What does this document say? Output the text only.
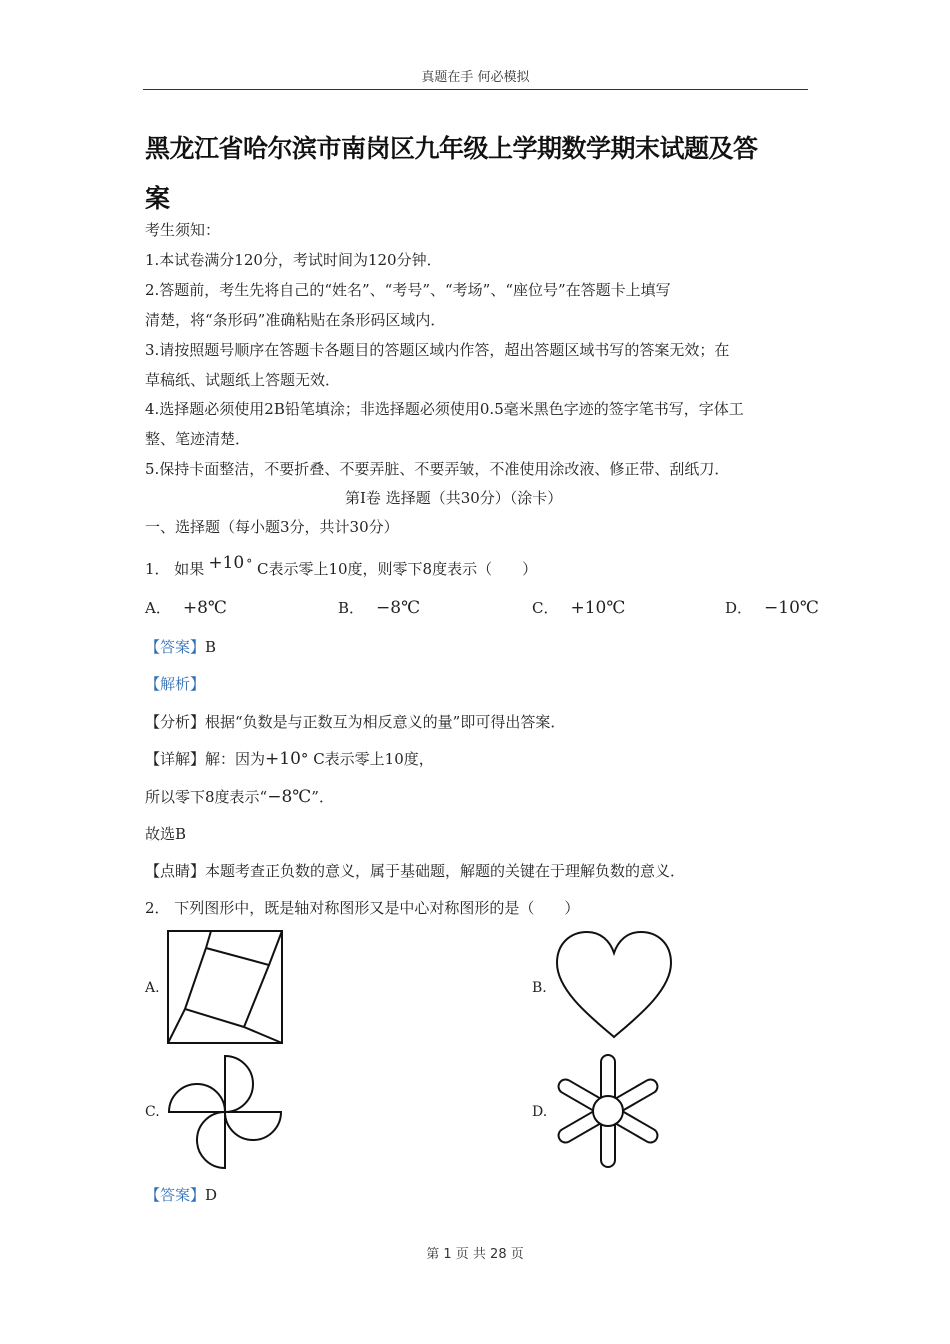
真题在手 何必模拟
黑龙江省哈尔滨市南岗区九年级上学期数学期末试题及答
案
考生须知：
1.本试卷满分120分，考试时间为120分钟．
2.答题前，考生先将自己的“姓名”、“考号”、“考场”、“座位号”在答题卡上填写
清楚，将“条形码”准确粘贴在条形码区域内．
3.请按照题号顺序在答题卡各题目的答题区域内作答，超出答题区域书写的答案无效；在
草稿纸、试题纸上答题无效．
4.选择题必须使用2B铅笔填涂；非选择题必须使用0.5毫米黑色字迹的签字笔书写，字体工
整、笔迹清楚．
5.保持卡面整洁，不要折叠、不要弄脏、不要弄皱，不准使用涂改液、修正带、刮纸刀．
第Ⅰ卷 选择题（共30分）（涂卡）
一、选择题（每小题3分，共计30分）
1． 如果 +10 ° C表示零上10度，则零下8度表示（　　）
A． +8℃	B． −8℃	C． +10℃	D． −10℃
【答案】B
【解析】
【分析】根据“负数是与正数互为相反意义的量”即可得出答案．
【详解】解：因为+10° C表示零上10度，
所以零下8度表示“−8℃”．
故选B
【点睛】本题考查正负数的意义，属于基础题，解题的关键在于理解负数的意义．
2． 下列图形中，既是轴对称图形又是中心对称图形的是（　　）
A.	B.
C.	D.
【答案】D
第 1 页 共 28 页
